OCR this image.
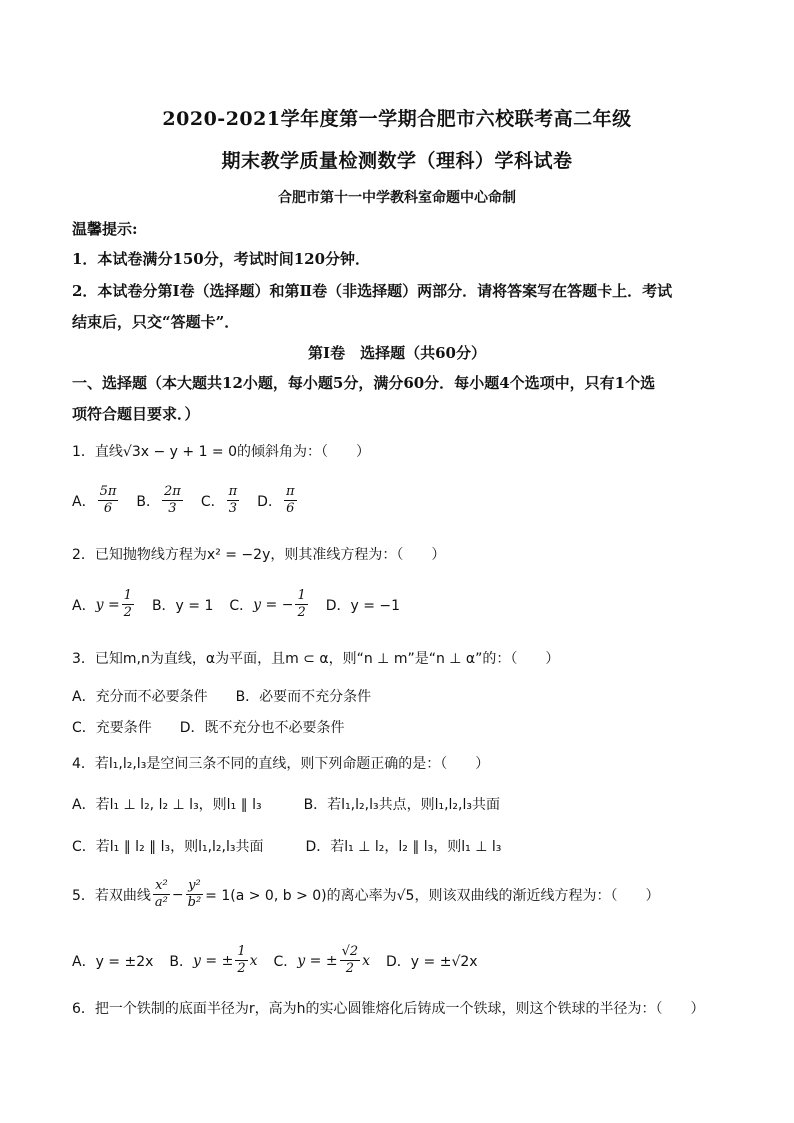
2020-2021学年度第一学期合肥市六校联考高二年级
期末教学质量检测数学（理科）学科试卷
合肥市第十一中学教科室命题中心命制
温馨提示:
1．本试卷满分150分，考试时间120分钟．
2．本试卷分第Ⅰ卷（选择题）和第Ⅱ卷（非选择题）两部分．请将答案写在答题卡上．考试
结束后，只交“答题卡”．
第Ⅰ卷　选择题（共60分）
一、选择题（本大题共12小题，每小题5分，满分60分．每小题4个选项中，只有1个选
项符合题目要求．）
1．直线√3x − y + 1 = 0的倾斜角为：（　　）
A． $\frac{5\pi}{6}$ B． $\frac{2\pi}{3}$ C． $\frac{\pi}{3}$ D． $\frac{\pi}{6}$
2．已知抛物线方程为x² = −2y，则其准线方程为：（　　）
A． $y = \frac{1}{2}$ B．y = 1 C． y = − $\frac{1}{2}$ D．y = −1
3．已知m,n为直线，α为平面，且m ⊂ α，则“n ⊥ m”是“n ⊥ α”的：（　　）
A．充分而不必要条件　　B．必要而不充分条件
C．充要条件　　D．既不充分也不必要条件
4．若l₁,l₂,l₃是空间三条不同的直线，则下列命题正确的是：（　　）
A．若l₁ ⊥ l₂, l₂ ⊥ l₃，则l₁ ∥ l₃　　　B．若l₁,l₂,l₃共点，则l₁,l₂,l₃共面
C．若l₁ ∥ l₂ ∥ l₃，则l₁,l₂,l₃共面　　　D．若l₁ ⊥ l₂，l₂ ∥ l₃，则l₁ ⊥ l₃
5．若双曲线 $\frac{\text{x²}}{\text{a²}} - \frac{\text{y²}}{\text{b²}} = 1(a > 0$, b > 0)的离心率为√5，则该双曲线的渐近线方程为：（　　）
A．y = ±2x B． y = ± $\frac{1}{2}$ x C． y = ± $\frac{√2}{2}$ x D．y = ±√2x
6．把一个铁制的底面半径为r，高为h的实心圆锥熔化后铸成一个铁球，则这个铁球的半径为：（　　）
